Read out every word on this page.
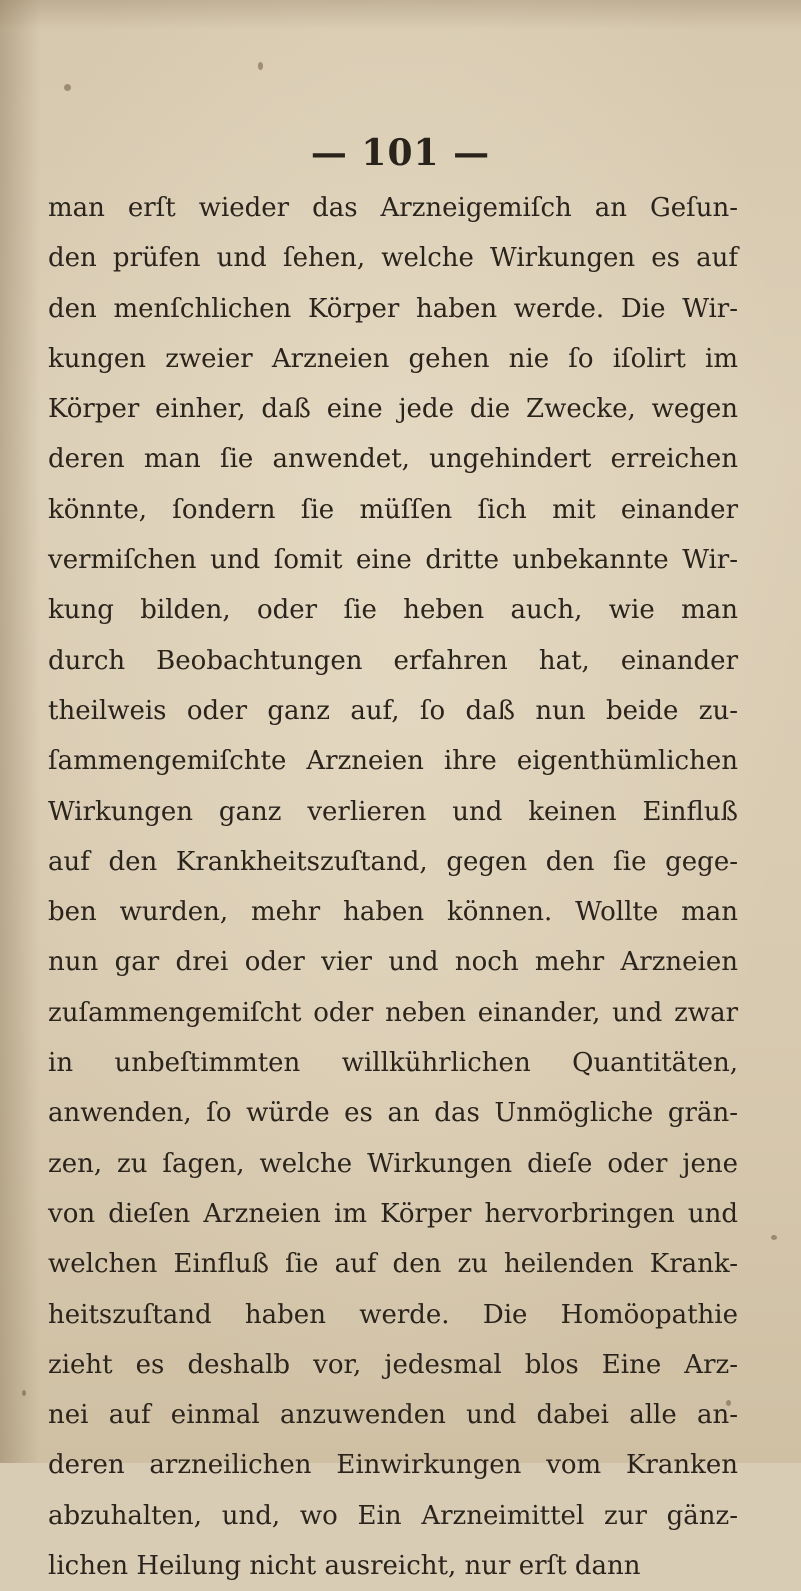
— 101 —
man erſt wieder das Arzneigemiſch an Geſun-
den prüfen und ſehen, welche Wirkungen es auf
den menſchlichen Körper haben werde. Die Wir-
kungen zweier Arzneien gehen nie ſo iſolirt im
Körper einher, daß eine jede die Zwecke, wegen
deren man ſie anwendet, ungehindert erreichen
könnte, ſondern ſie müſſen ſich mit einander
vermiſchen und ſomit eine dritte unbekannte Wir-
kung bilden, oder ſie heben auch, wie man
durch Beobachtungen erfahren hat, einander
theilweis oder ganz auf, ſo daß nun beide zu-
ſammengemiſchte Arzneien ihre eigenthümlichen
Wirkungen ganz verlieren und keinen Einfluß
auf den Krankheitszuſtand, gegen den ſie gege-
ben wurden, mehr haben können. Wollte man
nun gar drei oder vier und noch mehr Arzneien
zuſammengemiſcht oder neben einander, und zwar
in unbeſtimmten willkührlichen Quantitäten,
anwenden, ſo würde es an das Unmögliche grän-
zen, zu ſagen, welche Wirkungen dieſe oder jene
von dieſen Arzneien im Körper hervorbringen und
welchen Einfluß ſie auf den zu heilenden Krank-
heitszuſtand haben werde. Die Homöopathie
zieht es deshalb vor, jedesmal blos Eine Arz-
nei auf einmal anzuwenden und dabei alle an-
deren arzneilichen Einwirkungen vom Kranken
abzuhalten, und, wo Ein Arzneimittel zur gänz-
lichen Heilung nicht ausreicht, nur erſt dann
